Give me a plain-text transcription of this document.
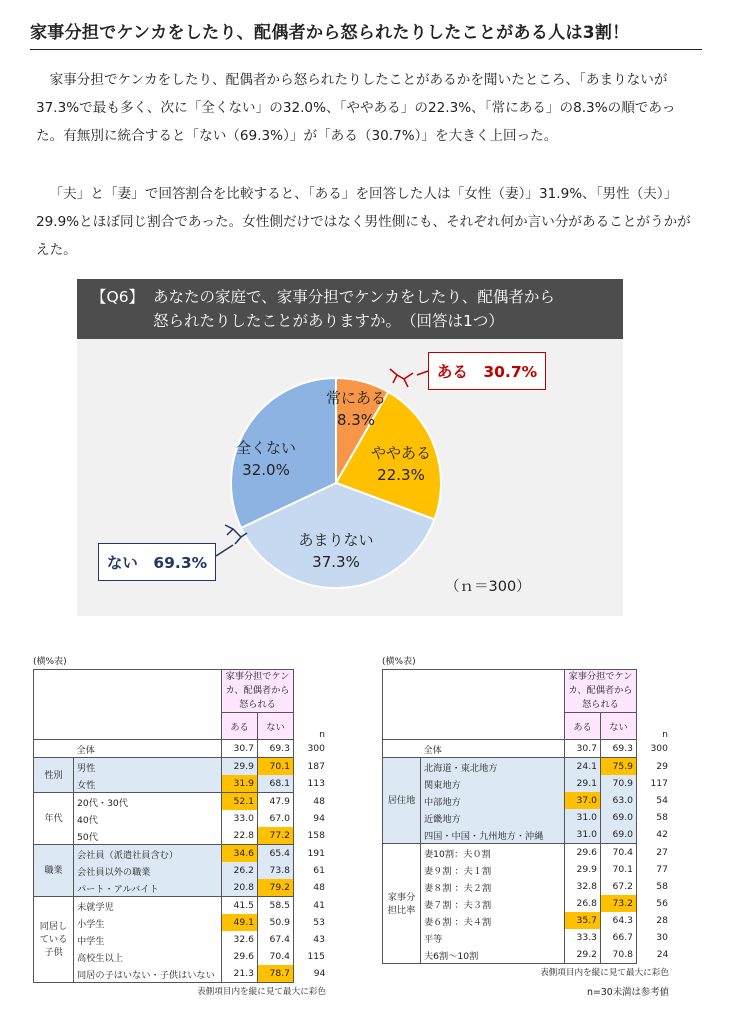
家事分担でケンカをしたり、配偶者から怒られたりしたことがある人は3割！

家事分担でケンカをしたり、配偶者から怒られたりしたことがあるかを聞いたところ、「あまりないが37.3%で最も多く、次に「全くない」の32.0%、「ややある」の22.3%、「常にある」の8.3%の順であった。有無別に統合すると「ない（69.3%）」が「ある（30.7%）」を大きく上回った。

「夫」と「妻」で回答割合を比較すると、「ある」を回答した人は「女性（妻）」31.9%、「男性（夫）」29.9%とほぼ同じ割合であった。女性側だけではなく男性側にも、それぞれ何か言い分があることがうかがえた。

【Q6】 あなたの家庭で、家事分担でケンカをしたり、配偶者から
怒られたりしたことがありますか。　（回答は1つ）
常にある
8.3%
ややある
22.3%
あまりない
37.3%
全くない
32.0%
ある　30.7%
ない　69.3%
（ｎ＝300）
(横%表)
		家事分担でケンカ、配偶者から怒られる		
		ある	ない	n
	全体	30.7	69.3	300
性別	男性	29.9	70.1	187
	女性	31.9	68.1	113
年代	20代・30代	52.1	47.9	48
	40代	33.0	67.0	94
	50代	22.8	77.2	158
職業	会社員（派遣社員含む）	34.6	65.4	191
	会社員以外の職業	26.2	73.8	61
	パート・アルバイト	20.8	79.2	48
同居し
ている
子供	未就学児	41.5	58.5	41
	小学生	49.1	50.9	53
	中学生	32.6	67.4	43
	高校生以上	29.6	70.4	115
	同居の子はいない・子供はいない	21.3	78.7	94
表側項目内を縦に見て最大に彩色
(横%表)
		家事分担でケンカ、配偶者から怒られる		
		ある	ない	n
	全体	30.7	69.3	300
居住地	北海道・東北地方	24.1	75.9	29
	関東地方	29.1	70.9	117
	中部地方	37.0	63.0	54
	近畿地方	31.0	69.0	58
	四国・中国・九州地方・沖縄	31.0	69.0	42
家事分
担比率	妻10割：夫０割	29.6	70.4	27
	妻９割 ：夫１割	29.9	70.1	77
	妻８割 ：夫２割	32.8	67.2	58
	妻７割 ：夫３割	26.8	73.2	56
	妻６割 ：夫４割	35.7	64.3	28
	平等	33.3	66.7	30
	夫6割～10割	29.2	70.8	24
表側項目内を縦に見て最大に彩色
n=30未満は参考値
